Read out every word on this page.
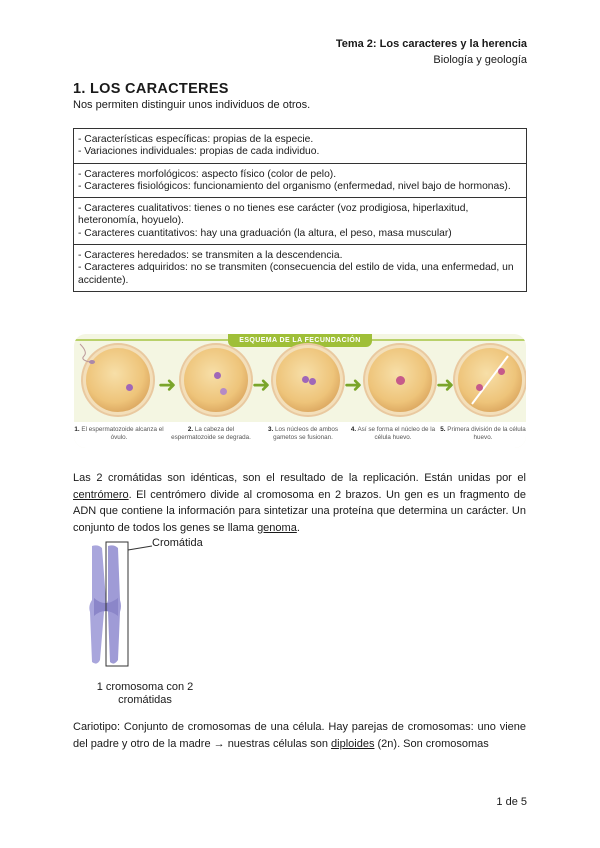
Tema 2: Los caracteres y la herencia
Biología y geología
1. LOS CARACTERES
Nos permiten distinguir unos individuos de otros.
- Características específicas: propias de la especie.
- Variaciones individuales: propias de cada individuo.
- Caracteres morfológicos: aspecto físico (color de pelo).
- Caracteres fisiológicos: funcionamiento del organismo (enfermedad, nivel bajo de hormonas).
- Caracteres cualitativos: tienes o no tienes ese carácter (voz prodigiosa, hiperlaxitud, heteronomía, hoyuelo).
- Caracteres cuantitativos: hay una graduación (la altura, el peso, masa muscular)
- Caracteres heredados: se transmiten a la descendencia.
- Caracteres adquiridos: no se transmiten (consecuencia del estilo de vida, una enfermedad, un accidente).
ESQUEMA DE LA FECUNDACIÓN
➜	➜	➜	➜
1. El espermatozoide alcanza el óvulo.
2. La cabeza del espermatozoide se degrada.
3. Los núcleos de ambos gametos se fusionan.
4. Así se forma el núcleo de la célula huevo.
5. Primera división de la célula huevo.
Las 2 cromátidas son idénticas, son el resultado de la replicación. Están unidas por el centrómero. El centrómero divide al cromosoma en 2 brazos. Un gen es un fragmento de ADN que contiene la información para sintetizar una proteína que determina un carácter. Un conjunto de todos los genes se llama genoma.
Cromátida
1 cromosoma con 2
cromátidas
Cariotipo: Conjunto de cromosomas de una célula. Hay parejas de cromosomas: uno viene del padre y otro de la madre → nuestras células son diploides (2n). Son cromosomas
1 de 5
